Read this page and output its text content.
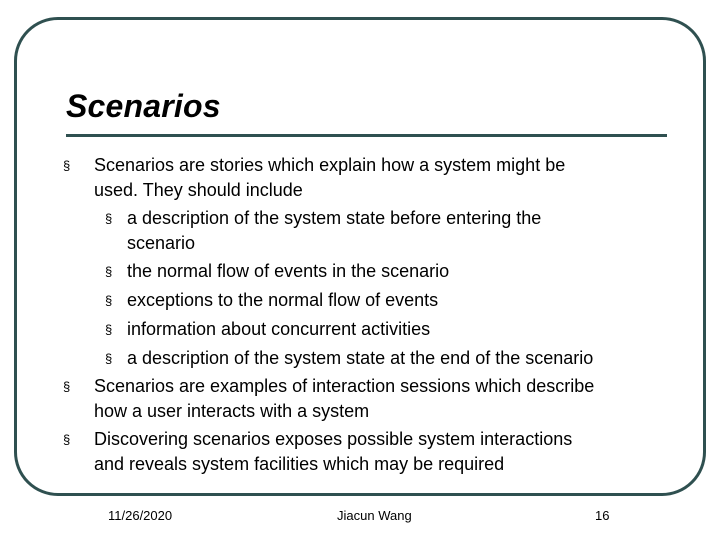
Scenarios
§ Scenarios are stories which explain how a system might be
used. They should include
§ a description of the system state before entering the
scenario
§ the normal flow of events in the scenario
§ exceptions to the normal flow of events
§ information about concurrent activities
§ a description of the system state at the end of the scenario
§ Scenarios are examples of interaction sessions which describe
how a user interacts with a system
§ Discovering scenarios exposes possible system interactions
and reveals system facilities which may be required
11/26/2020	Jiacun Wang	16
